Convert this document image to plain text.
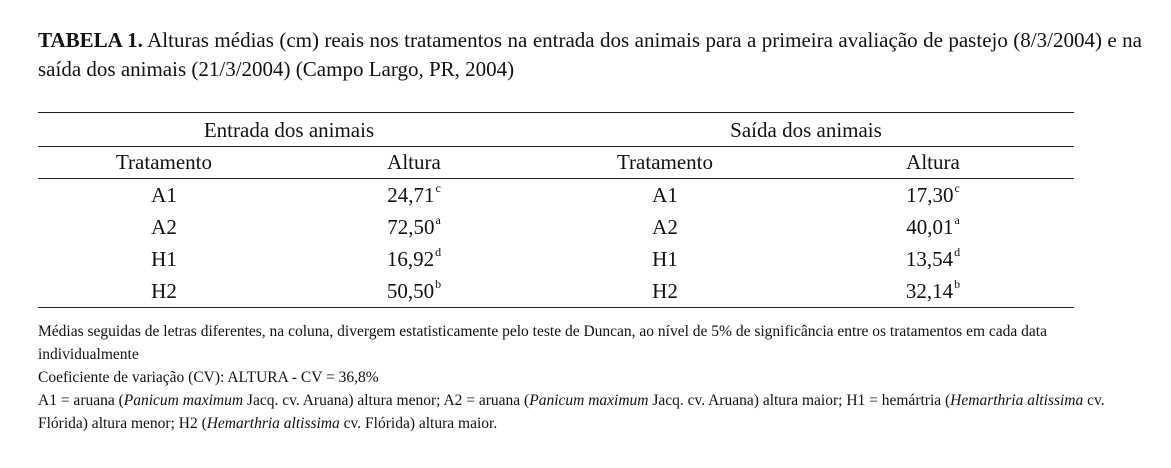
TABELA 1. Alturas médias (cm) reais nos tratamentos na entrada dos animais para a primeira avaliação de pastejo (8/3/2004) e na saída dos animais (21/3/2004) (Campo Largo, PR, 2004)
Entrada dos animais	Saída dos animais
Tratamento	Altura	Tratamento	Altura
A1	24,71$^c$	A1	17,30$^c$
A2	72,50$^a$	A2	40,01$^a$
H1	16,92$^d$	H1	13,54$^d$
H2	50,50$^b$	H2	32,14$^b$

Médias seguidas de letras diferentes, na coluna, divergem estatisticamente pelo teste de Duncan, ao nível de 5% de significância entre os tratamentos em cada data individualmente

Coeficiente de variação (CV): ALTURA - CV = 36,8%

A1 = aruana (Panicum maximum Jacq. cv. Aruana) altura menor; A2 = aruana (Panicum maximum Jacq. cv. Aruana) altura maior; H1 = hemártria (Hemarthria altissima cv. Flórida) altura menor; H2 (Hemarthria altissima cv. Flórida) altura maior.
